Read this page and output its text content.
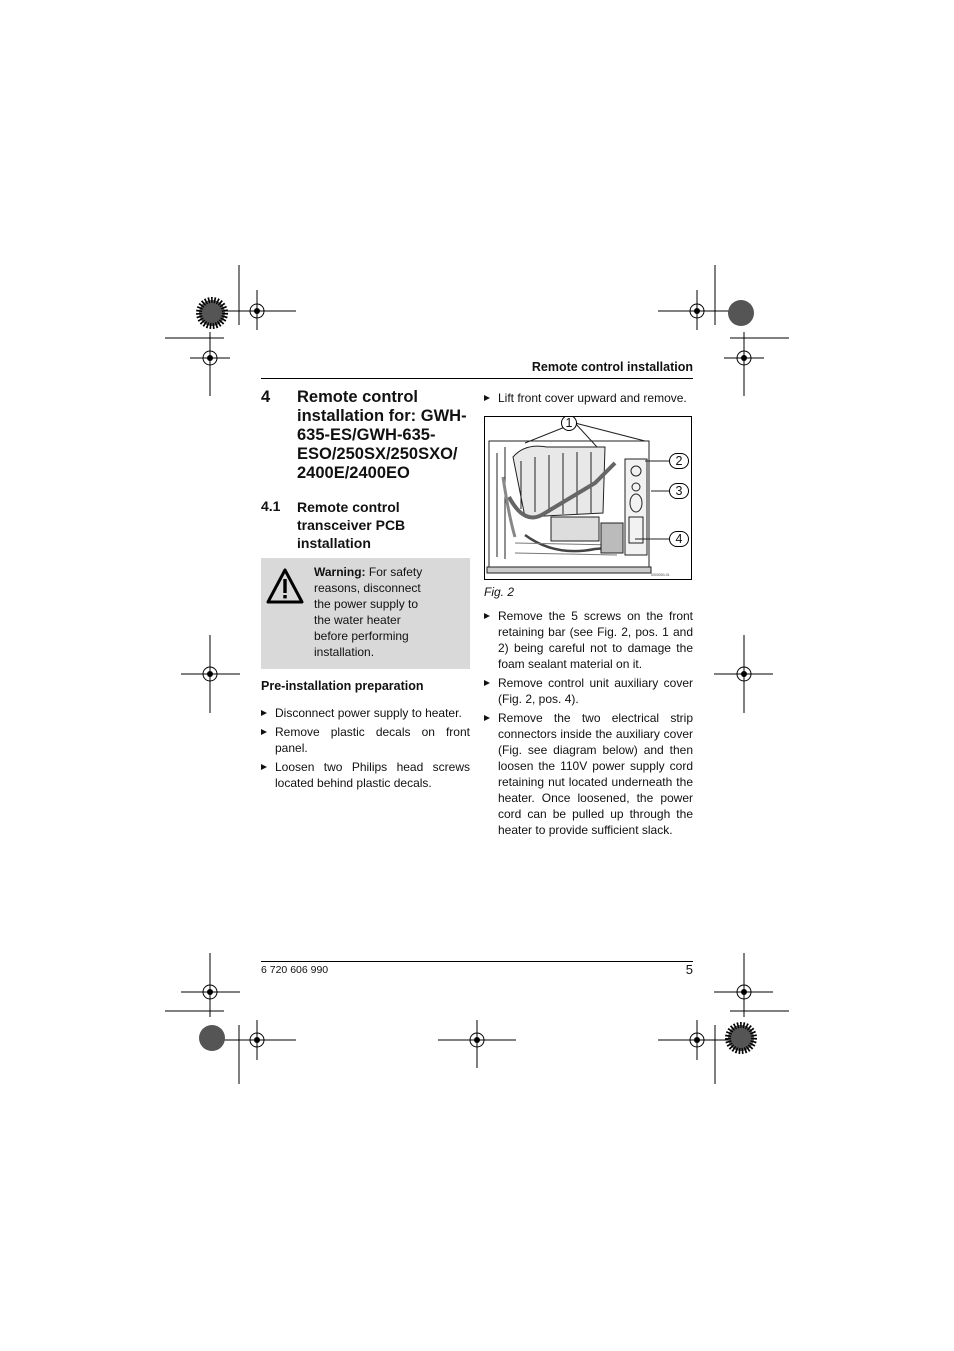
Remote control installation
4 Remote control
installation for: GWH-
635-ES/GWH-635-
ESO/250SX/250SXO/
2400E/2400EO
4.1 Remote control
transceiver PCB
installation
Warning: For safety
reasons, disconnect
the power supply to
the water heater
before performing
installation.
Pre-installation preparation
Disconnect power supply to heater.
Remove plastic decals on front panel.
Loosen two Philips head screws located behind plastic decals.
Lift front cover upward and remove.
0000000-01
1
2
3
4
Fig. 2
Remove the 5 screws on the front retaining bar (see Fig. 2, pos. 1 and 2) being careful not to damage the foam sealant material on it.
Remove control unit auxiliary cover (Fig. 2, pos. 4).
Remove the two electrical strip connectors inside the auxiliary cover (Fig. see diagram below) and then loosen the 110V power supply cord retaining nut located underneath the heater. Once loosened, the power cord can be pulled up through the heater to provide sufficient slack.
6 720 606 990	5
